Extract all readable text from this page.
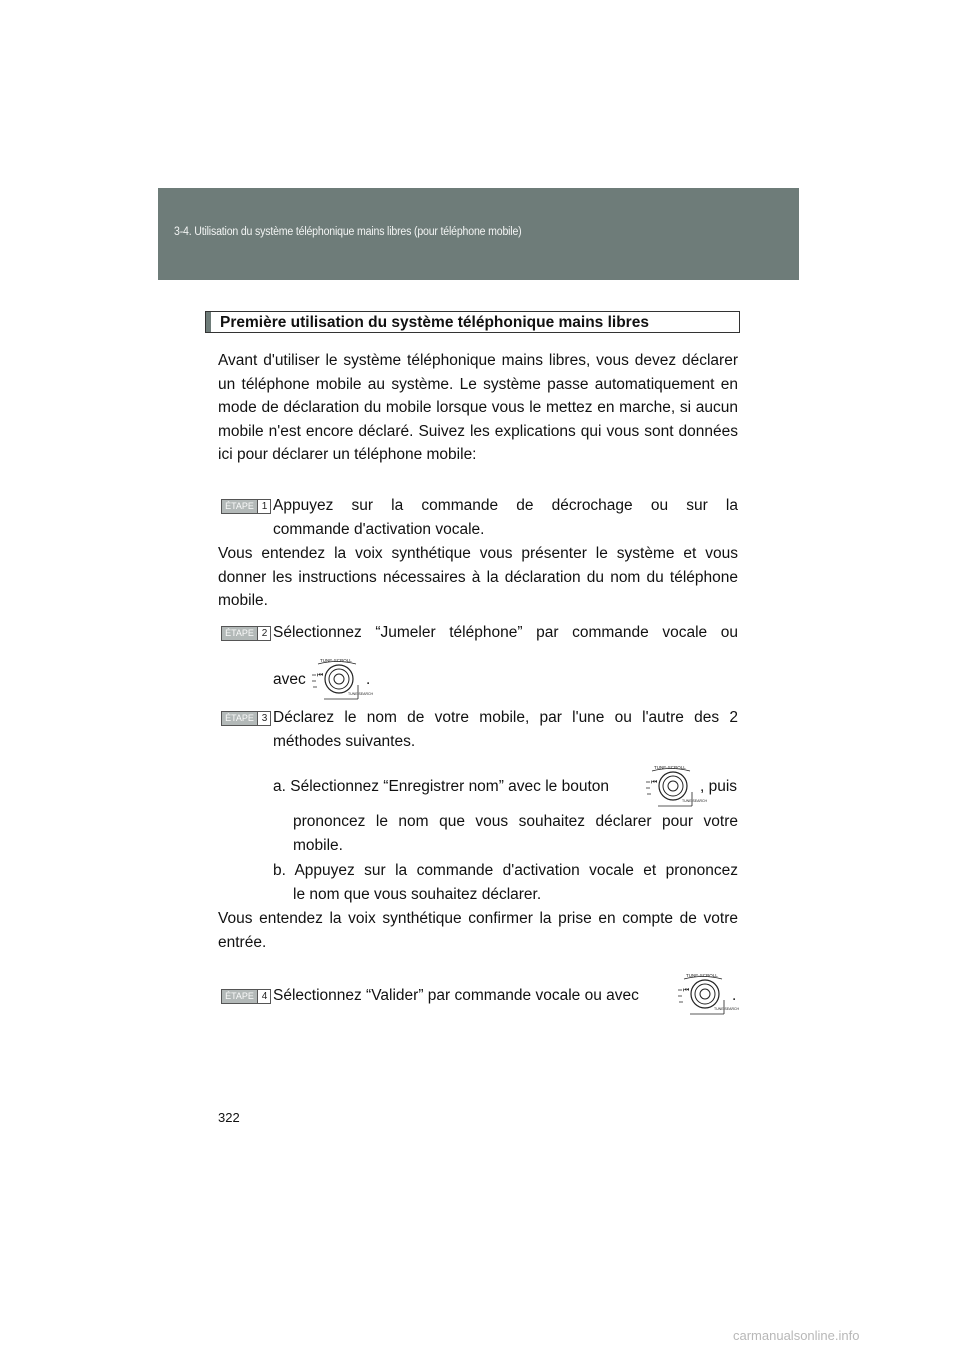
3-4. Utilisation du système téléphonique mains libres (pour téléphone mobile)
Première utilisation du système téléphonique mains libres
Avant d'utiliser le système téléphonique mains libres, vous devez déclarer un téléphone mobile au système. Le système passe automatiquement en mode de déclaration du mobile lorsque vous le mettez en marche, si aucun mobile n'est encore déclaré. Suivez les explications qui vous sont données ici pour déclarer un téléphone mobile:
ÉTAPE 1 Appuyez sur la commande de décrochage ou sur la
commande d'activation vocale.
Vous entendez la voix synthétique vous présenter le système et vous donner les instructions nécessaires à la déclaration du nom du téléphone mobile.
ÉTAPE 2 Sélectionnez “Jumeler téléphone” par commande vocale ou
avec
TUNE·SCROLL
⏮
TUNE SEARCH
.
ÉTAPE 3 Déclarez le nom de votre mobile, par l'une ou l'autre des 2
méthodes suivantes.
a. Sélectionnez “Enregistrer nom” avec le bouton
TUNE·SCROLL
⏮
TUNE SEARCH
, puis
prononcez le nom que vous souhaitez déclarer pour votre mobile.
b. Appuyez sur la commande d'activation vocale et prononcez
le nom que vous souhaitez déclarer.
Vous entendez la voix synthétique confirmer la prise en compte de votre entrée.
ÉTAPE 4 Sélectionnez “Valider” par commande vocale ou avec
TUNE·SCROLL
⏮
TUNE SEARCH
.
322
carmanualsonline.info
